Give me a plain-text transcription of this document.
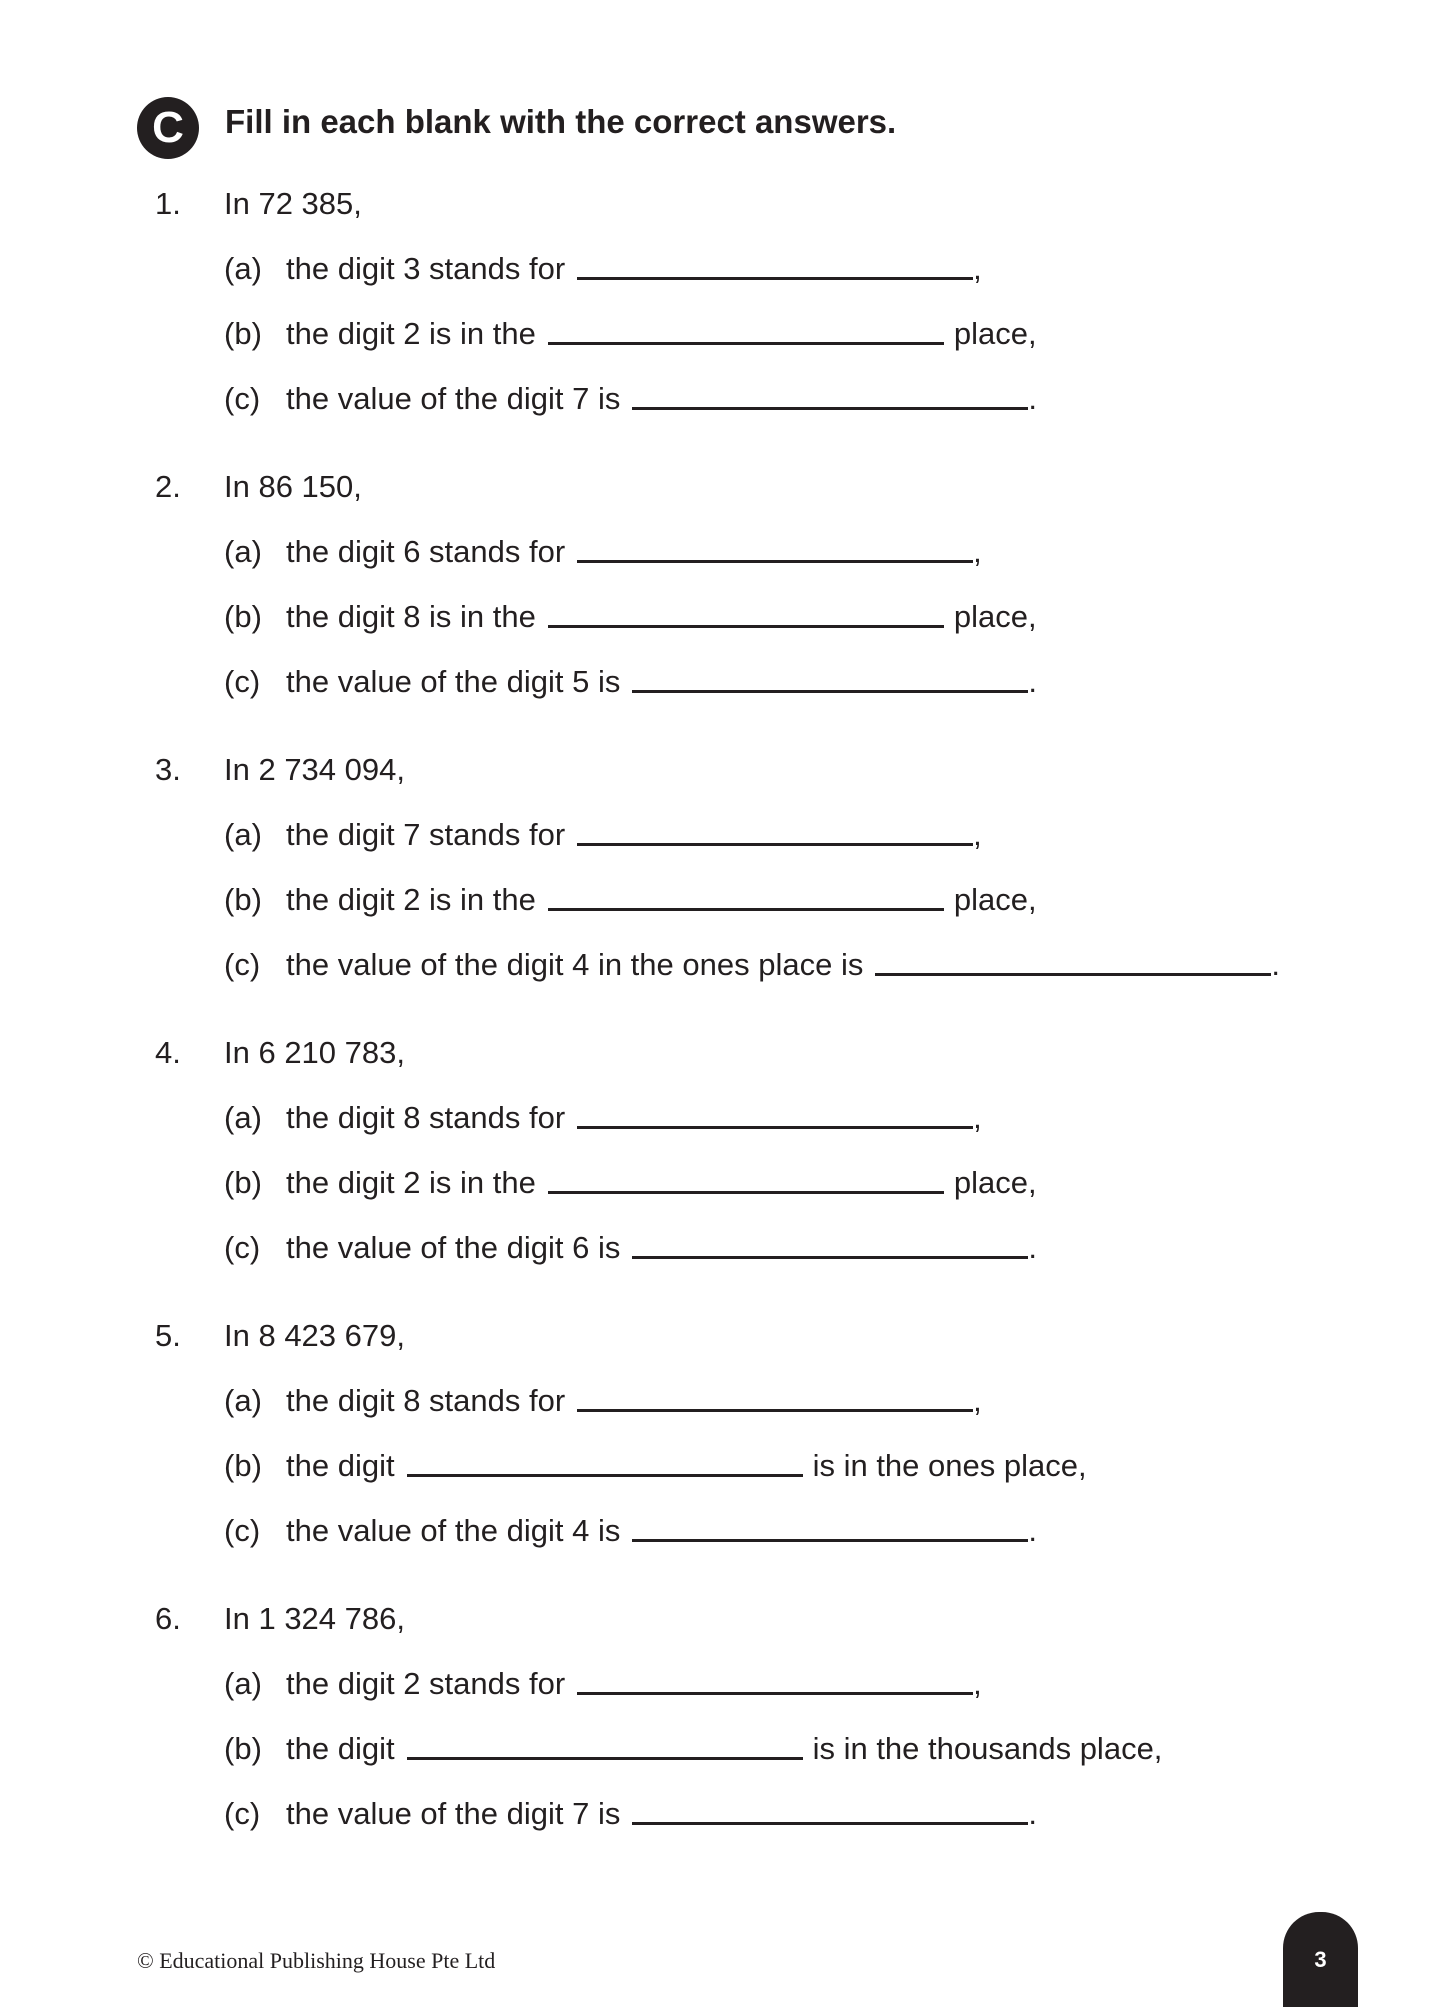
C	Fill in each blank with the correct answers.
1. In 72 385,
(a) the digit 3 stands for	,
(b) the digit 2 is in the	place,
(c) the value of the digit 7 is	.
2. In 86 150,
(a) the digit 6 stands for	,
(b) the digit 8 is in the	place,
(c) the value of the digit 5 is	.
3. In 2 734 094,
(a) the digit 7 stands for	,
(b) the digit 2 is in the	place,
(c) the value of the digit 4 in the ones place is	.
4. In 6 210 783,
(a) the digit 8 stands for	,
(b) the digit 2 is in the	place,
(c) the value of the digit 6 is	.
5. In 8 423 679,
(a) the digit 8 stands for	,
(b) the digit	is in the ones place,
(c) the value of the digit 4 is	.
6. In 1 324 786,
(a) the digit 2 stands for	,
(b) the digit	is in the thousands place,
(c) the value of the digit 7 is	.
© Educational Publishing House Pte Ltd	3
